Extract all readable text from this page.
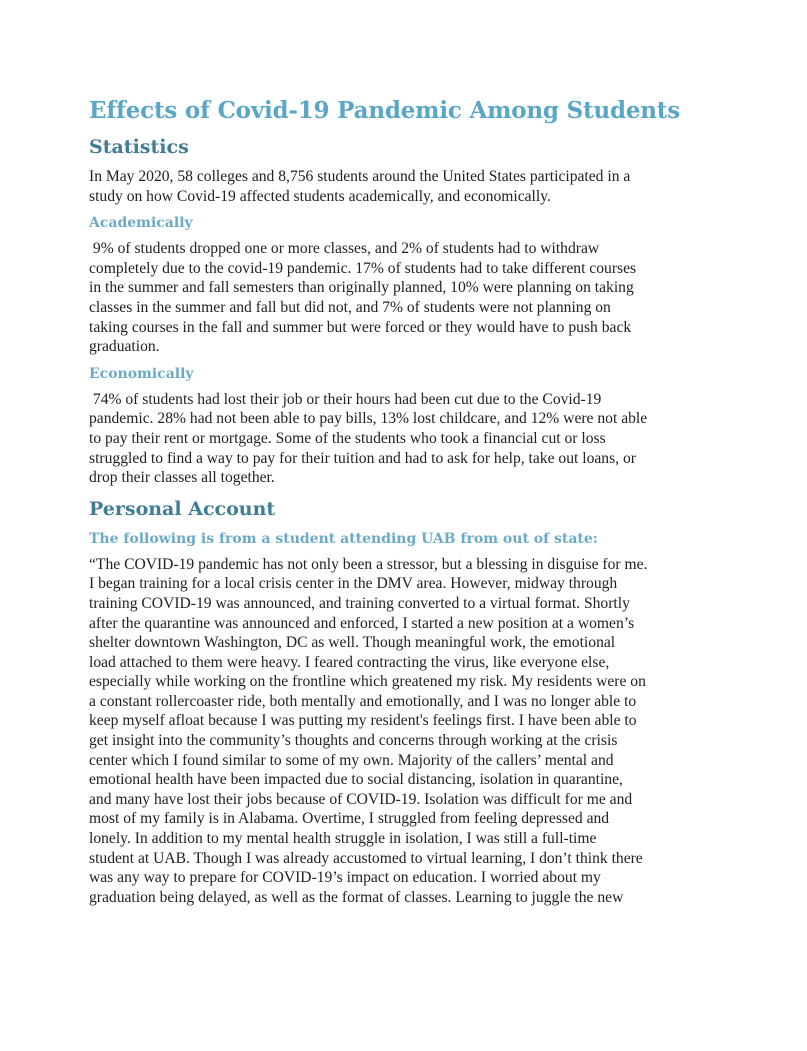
Effects of Covid-19 Pandemic Among Students
Statistics

In May 2020, 58 colleges and 8,756 students around the United States participated in a
study on how Covid-19 affected students academically, and economically.

Academically

9% of students dropped one or more classes, and 2% of students had to withdraw
completely due to the covid-19 pandemic. 17% of students had to take different courses
in the summer and fall semesters than originally planned, 10% were planning on taking
classes in the summer and fall but did not, and 7% of students were not planning on
taking courses in the fall and summer but were forced or they would have to push back
graduation.

Economically

74% of students had lost their job or their hours had been cut due to the Covid-19
pandemic. 28% had not been able to pay bills, 13% lost childcare, and 12% were not able
to pay their rent or mortgage. Some of the students who took a financial cut or loss
struggled to find a way to pay for their tuition and had to ask for help, take out loans, or
drop their classes all together.

Personal Account
The following is from a student attending UAB from out of state:

“The COVID-19 pandemic has not only been a stressor, but a blessing in disguise for me.
I began training for a local crisis center in the DMV area. However, midway through
training COVID-19 was announced, and training converted to a virtual format. Shortly
after the quarantine was announced and enforced, I started a new position at a women’s
shelter downtown Washington, DC as well. Though meaningful work, the emotional
load attached to them were heavy. I feared contracting the virus, like everyone else,
especially while working on the frontline which greatened my risk. My residents were on
a constant rollercoaster ride, both mentally and emotionally, and I was no longer able to
keep myself afloat because I was putting my resident's feelings first. I have been able to
get insight into the community’s thoughts and concerns through working at the crisis
center which I found similar to some of my own. Majority of the callers’ mental and
emotional health have been impacted due to social distancing, isolation in quarantine,
and many have lost their jobs because of COVID-19. Isolation was difficult for me and
most of my family is in Alabama. Overtime, I struggled from feeling depressed and
lonely. In addition to my mental health struggle in isolation, I was still a full-time
student at UAB. Though I was already accustomed to virtual learning, I don’t think there
was any way to prepare for COVID-19’s impact on education. I worried about my
graduation being delayed, as well as the format of classes. Learning to juggle the new
